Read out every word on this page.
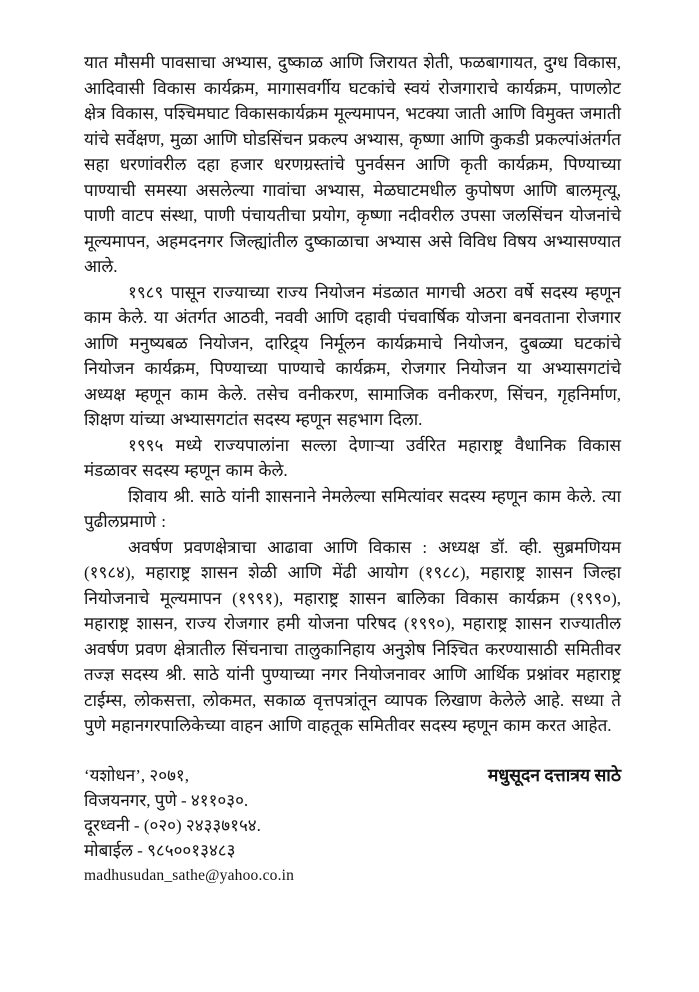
यात मौसमी पावसाचा अभ्यास, दुष्काळ आणि जिरायत शेती, फळबागायत, दुग्ध विकास, आदिवासी विकास कार्यक्रम, मागासवर्गीय घटकांचे स्वयं रोजगाराचे कार्यक्रम, पाणलोट क्षेत्र विकास, पश्चिमघाट विकासकार्यक्रम मूल्यमापन, भटक्या जाती आणि विमुक्त जमाती यांचे सर्वेक्षण, मुळा आणि घोडसिंचन प्रकल्प अभ्यास, कृष्णा आणि कुकडी प्रकल्पांअंतर्गत सहा धरणांवरील दहा हजार धरणग्रस्तांचे पुनर्वसन आणि कृती कार्यक्रम, पिण्याच्या पाण्याची समस्या असलेल्या गावांचा अभ्यास, मेळघाटमधील कुपोषण आणि बालमृत्यू, पाणी वाटप संस्था, पाणी पंचायतीचा प्रयोग, कृष्णा नदीवरील उपसा जलसिंचन योजनांचे मूल्यमापन, अहमदनगर जिल्ह्यांतील दुष्काळाचा अभ्यास असे विविध विषय अभ्यासण्यात आले.

१९८९ पासून राज्याच्या राज्य नियोजन मंडळात मागची अठरा वर्षे सदस्य म्हणून काम केले. या अंतर्गत आठवी, नववी आणि दहावी पंचवार्षिक योजना बनवताना रोजगार आणि मनुष्यबळ नियोजन, दारिद्र्य निर्मूलन कार्यक्रमाचे नियोजन, दुबळ्या घटकांचे नियोजन कार्यक्रम, पिण्याच्या पाण्याचे कार्यक्रम, रोजगार नियोजन या अभ्यासगटांचे अध्यक्ष म्हणून काम केले. तसेच वनीकरण, सामाजिक वनीकरण, सिंचन, गृहनिर्माण, शिक्षण यांच्या अभ्यासगटांत सदस्य म्हणून सहभाग दिला.

१९९५ मध्ये राज्यपालांना सल्ला देणाऱ्या उर्वरित महाराष्ट्र वैधानिक विकास मंडळावर सदस्य म्हणून काम केले.

शिवाय श्री. साठे यांनी शासनाने नेमलेल्या समित्यांवर सदस्य म्हणून काम केले. त्या पुढीलप्रमाणे :

अवर्षण प्रवणक्षेत्राचा आढावा आणि विकास : अध्यक्ष डॉ. व्ही. सुब्रमणियम (१९८४), महाराष्ट्र शासन शेळी आणि मेंढी आयोग (१९८८), महाराष्ट्र शासन जिल्हा नियोजनाचे मूल्यमापन (१९९१), महाराष्ट्र शासन बालिका विकास कार्यक्रम (१९९०), महाराष्ट्र शासन, राज्य रोजगार हमी योजना परिषद (१९९०), महाराष्ट्र शासन राज्यातील अवर्षण प्रवण क्षेत्रातील सिंचनाचा तालुकानिहाय अनुशेष निश्चित करण्यासाठी समितीवर तज्ज्ञ सदस्य श्री. साठे यांनी पुण्याच्या नगर नियोजनावर आणि आर्थिक प्रश्नांवर महाराष्ट्र टाईम्स, लोकसत्ता, लोकमत, सकाळ वृत्तपत्रांतून व्यापक लिखाण केलेले आहे. सध्या ते पुणे महानगरपालिकेच्या वाहन आणि वाहतूक समितीवर सदस्य म्हणून काम करत आहेत.

‘यशोधन’, २०७१,	मधुसूदन दत्तात्रय साठे
विजयनगर, पुणे - ४११०३०.
दूरध्वनी - (०२०) २४३३७१५४.
मोबाईल - ९८५००१३४८३
madhusudan_sathe@yahoo.co.in
